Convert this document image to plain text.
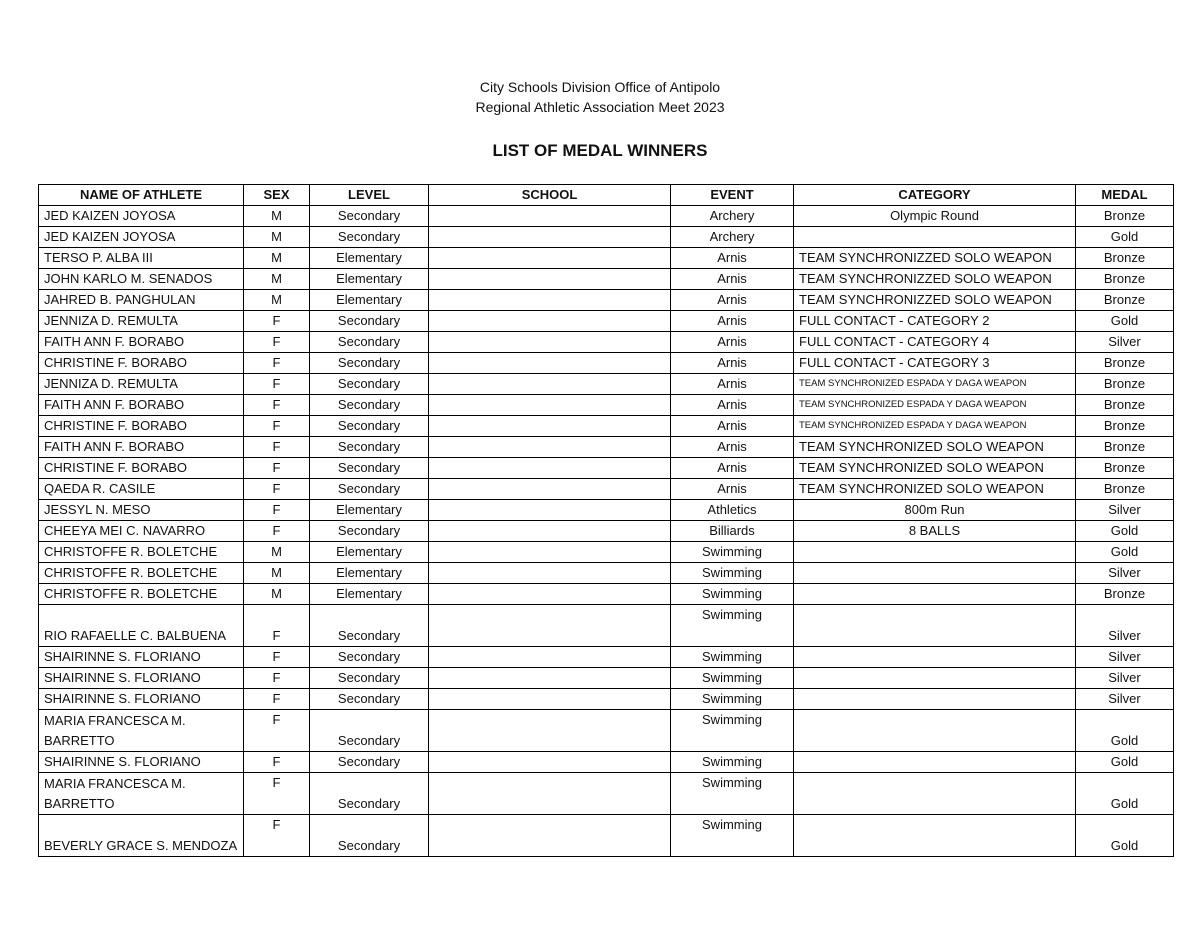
City Schools Division Office of Antipolo
Regional Athletic Association Meet 2023
LIST OF MEDAL WINNERS
NAME OF ATHLETE	SEX	LEVEL	SCHOOL	EVENT	CATEGORY	MEDAL
JED KAIZEN JOYOSA	M	Secondary		Archery	Olympic Round	Bronze
JED KAIZEN JOYOSA	M	Secondary		Archery		Gold
TERSO P. ALBA III	M	Elementary		Arnis	TEAM SYNCHRONIZZED SOLO WEAPON	Bronze
JOHN KARLO M. SENADOS	M	Elementary		Arnis	TEAM SYNCHRONIZZED SOLO WEAPON	Bronze
JAHRED B. PANGHULAN	M	Elementary		Arnis	TEAM SYNCHRONIZZED SOLO WEAPON	Bronze
JENNIZA D. REMULTA	F	Secondary		Arnis	FULL CONTACT - CATEGORY 2	Gold
FAITH ANN F. BORABO	F	Secondary		Arnis	FULL CONTACT - CATEGORY 4	Silver
CHRISTINE F. BORABO	F	Secondary		Arnis	FULL CONTACT - CATEGORY 3	Bronze
JENNIZA D. REMULTA	F	Secondary		Arnis	TEAM SYNCHRONIZED ESPADA Y DAGA WEAPON	Bronze
FAITH ANN F. BORABO	F	Secondary		Arnis	TEAM SYNCHRONIZED ESPADA Y DAGA WEAPON	Bronze
CHRISTINE F. BORABO	F	Secondary		Arnis	TEAM SYNCHRONIZED ESPADA Y DAGA WEAPON	Bronze
FAITH ANN F. BORABO	F	Secondary		Arnis	TEAM SYNCHRONIZED SOLO WEAPON	Bronze
CHRISTINE F. BORABO	F	Secondary		Arnis	TEAM SYNCHRONIZED SOLO WEAPON	Bronze
QAEDA R. CASILE	F	Secondary		Arnis	TEAM SYNCHRONIZED SOLO WEAPON	Bronze
JESSYL N. MESO	F	Elementary		Athletics	800m Run	Silver
CHEEYA MEI C. NAVARRO	F	Secondary		Billiards	8 BALLS	Gold
CHRISTOFFE R. BOLETCHE	M	Elementary		Swimming		Gold
CHRISTOFFE R. BOLETCHE	M	Elementary		Swimming		Silver
CHRISTOFFE R. BOLETCHE	M	Elementary		Swimming		Bronze
RIO RAFAELLE C. BALBUENA	F	Secondary		Swimming		Silver
SHAIRINNE S. FLORIANO	F	Secondary		Swimming		Silver
SHAIRINNE S. FLORIANO	F	Secondary		Swimming		Silver
SHAIRINNE S. FLORIANO	F	Secondary		Swimming		Silver
MARIA FRANCESCA M. BARRETTO	F	Secondary		Swimming		Gold
SHAIRINNE S. FLORIANO	F	Secondary		Swimming		Gold
MARIA FRANCESCA M. BARRETTO	F	Secondary		Swimming		Gold
BEVERLY GRACE S. MENDOZA	F	Secondary		Swimming		Gold
